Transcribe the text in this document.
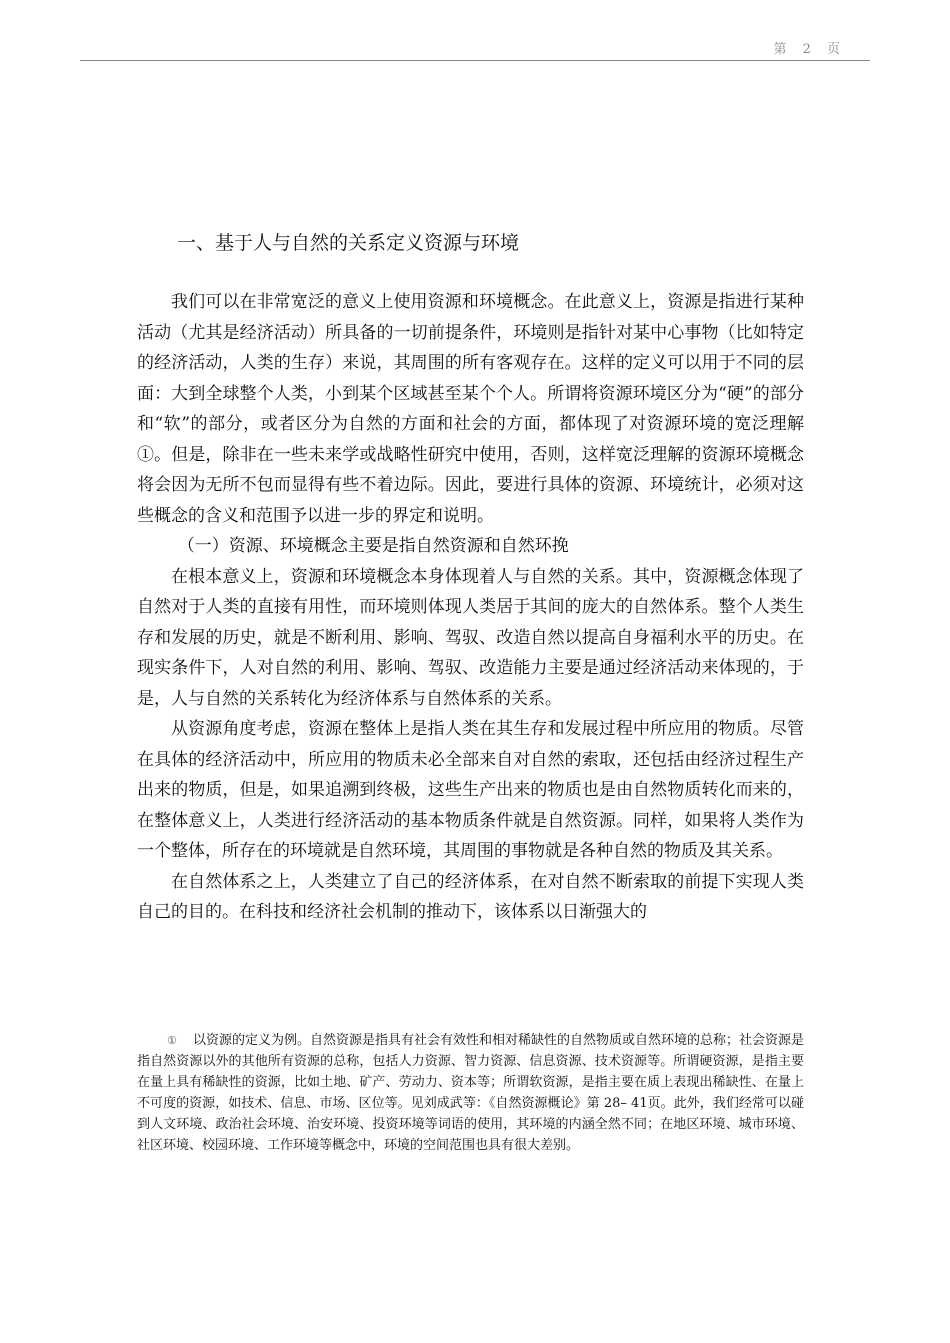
第 2 页
一、基于人与自然的关系定义资源与环境

我们可以在非常宽泛的意义上使用资源和环境概念。在此意义上，资源是指进行某种活动（尤其是经济活动）所具备的一切前提条件，环境则是指针对某中心事物（比如特定的经济活动，人类的生存）来说，其周围的所有客观存在。这样的定义可以用于不同的层面：大到全球整个人类，小到某个区域甚至某个个人。所谓将资源环境区分为“硬”的部分和“软”的部分，或者区分为自然的方面和社会的方面，都体现了对资源环境的宽泛理解①。但是，除非在一些未来学或战略性研究中使用，否则，这样宽泛理解的资源环境概念将会因为无所不包而显得有些不着边际。因此，要进行具体的资源、环境统计，必须对这些概念的含义和范围予以进一步的界定和说明。

（一）资源、环境概念主要是指自然资源和自然环挽

在根本意义上，资源和环境概念本身体现着人与自然的关系。其中，资源概念体现了自然对于人类的直接有用性，而环境则体现人类居于其间的庞大的自然体系。整个人类生存和发展的历史，就是不断利用、影响、驾驭、改造自然以提高自身福利水平的历史。在现实条件下，人对自然的利用、影响、驾驭、改造能力主要是通过经济活动来体现的，于是，人与自然的关系转化为经济体系与自然体系的关系。

从资源角度考虑，资源在整体上是指人类在其生存和发展过程中所应用的物质。尽管在具体的经济活动中，所应用的物质未必全部来自对自然的索取，还包括由经济过程生产出来的物质，但是，如果追溯到终极，这些生产出来的物质也是由自然物质转化而来的，在整体意义上，人类进行经济活动的基本物质条件就是自然资源。同样，如果将人类作为一个整体，所存在的环境就是自然环境，其周围的事物就是各种自然的物质及其关系。

在自然体系之上，人类建立了自己的经济体系，在对自然不断索取的前提下实现人类自己的目的。在科技和经济社会机制的推动下，该体系以日渐强大的

① 以资源的定义为例。自然资源是指具有社会有效性和相对稀缺性的自然物质或自然环境的总称；社会资源是指自然资源以外的其他所有资源的总称，包括人力资源、智力资源、信息资源、技术资源等。所谓硬资源，是指主要在量上具有稀缺性的资源，比如土地、矿产、劳动力、资本等；所谓软资源，是指主要在质上表现出稀缺性、在量上不可度的资源，如技术、信息、市场、区位等。见刘成武等：《自然资源概论》第 28– 41页。此外，我们经常可以碰到人文环境、政治社会环境、治安环境、投资环境等词语的使用，其环境的内涵全然不同；在地区环境、城市环境、社区环境、校园环境、工作环境等概念中，环境的空间范围也具有很大差别。
